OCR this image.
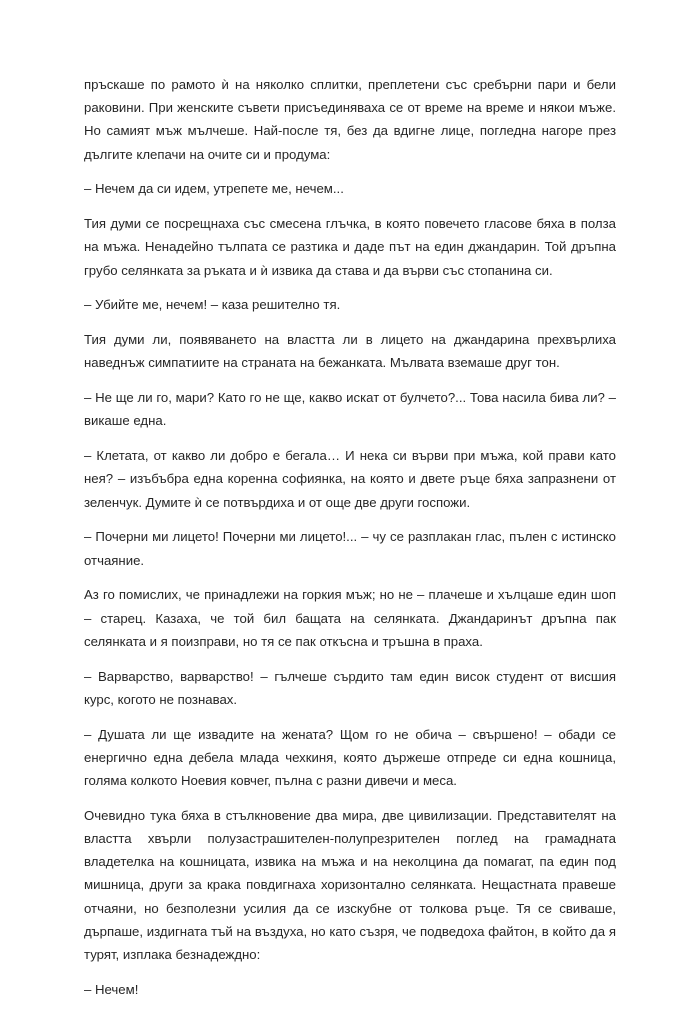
пръскаше по рамото ѝ на няколко сплитки, преплетени със сребърни пари и бели раковини. При женските съвети присъединяваха се от време на време и някои мъже. Но самият мъж мълчеше. Най-после тя, без да вдигне лице, погледна нагоре през дългите клепачи на очите си и продума:

– Нечем да си идем, утрепете ме, нечем...

Тия думи се посрещнаха със смесена глъчка, в която повечето гласове бяха в полза на мъжа. Ненадейно тълпата се разтика и даде път на един джандарин. Той дръпна грубо селянката за ръката и ѝ извика да става и да върви със стопанина си.

– Убийте ме, нечем! – каза решително тя.

Тия думи ли, появяването на властта ли в лицето на джандарина прехвърлиха наведнъж симпатиите на страната на бежанката. Мълвата вземаше друг тон.

– Не ще ли го, мари? Като го не ще, какво искат от булчето?... Това насила бива ли? – викаше една.

– Клетата, от какво ли добро е бегала… И нека си върви при мъжа, кой прави като нея? – изъбъбра една коренна софиянка, на която и двете ръце бяха запразнени от зеленчук. Думите ѝ се потвърдиха и от още две други госпожи.

– Почерни ми лицето! Почерни ми лицето!... – чу се разплакан глас, пълен с истинско отчаяние.

Аз го помислих, че принадлежи на горкия мъж; но не – плачеше и хълцаше един шоп – старец. Казаха, че той бил бащата на селянката. Джандаринът дръпна пак селянката и я поизправи, но тя се пак откъсна и тръшна в праха.

– Варварство, варварство! – гълчеше сърдито там един висок студент от висшия курс, когото не познавах.

– Душата ли ще извадите на жената? Щом го не обича – свършено! – обади се енергично една дебела млада чехкиня, която държеше отпреде си една кошница, голяма колкото Ноевия ковчег, пълна с разни дивечи и меса.

Очевидно тука бяха в стълкновение два мира, две цивилизации. Представителят на властта хвърли полузастрашителен-полупрезрителен поглед на грамадната владетелка на кошницата, извика на мъжа и на неколцина да помагат, па един под мишница, други за крака повдигнаха хоризонтално селянката. Нещастната правеше отчаяни, но безполезни усилия да се изскубне от толкова ръце. Тя се свиваше, дърпаше, издигната тъй на въздуха, но като съзря, че подведоха файтон, в който да я турят, изплака безнадеждно:

– Нечем!
